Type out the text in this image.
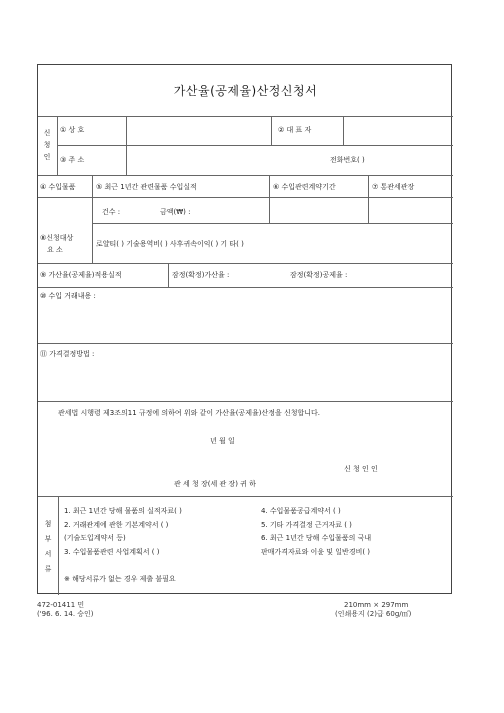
가산율(공제율)산정신청서
신
청
인
① 상 호	② 대 표 자
③ 주 소	전화번호( )
④ 수입물품	⑤ 최근 1년간 관련물품 수입실적	⑥ 수입관련계약기간	⑦ 통관세관장
건수 :	금액(₩) :
⑧신청대상
요 소
로얄티( ) 기술용역비( ) 사후귀속이익( ) 기 타( )
⑨ 가산율(공제율)적용실적	잠정(확정)가산율 :	잠정(확정)공제율 :
⑩ 수입 거래내용 :
⑪ 가격결정방법 :
관세법 시행령 제3조의11 규정에 의하여 위와 같이 가산율(공제율)산정을 신청합니다.
년 월 일
신 청 인 인
관 세 청 장(세 관 장) 귀 하
첨
부
서
류
1. 최근 1년간 당해 물품의 실적자료( )
2. 거래관계에 관한 기본계약서 ( )
(기술도입계약서 등)
3. 수입물품관련 사업계획서 ( )
4. 수입물품공급계약서 ( )
5. 기타 가격결정 근거자료 ( )
6. 최근 1년간 당해 수입물품의 국내
판매가격자료와 이윤 및 일반경비( )
※ 해당서류가 없는 경우 제출 불필요
472-01411 민
('96. 6. 14. 승인)
210mm × 297mm
(인쇄용지 (2)급 60g/㎡)
